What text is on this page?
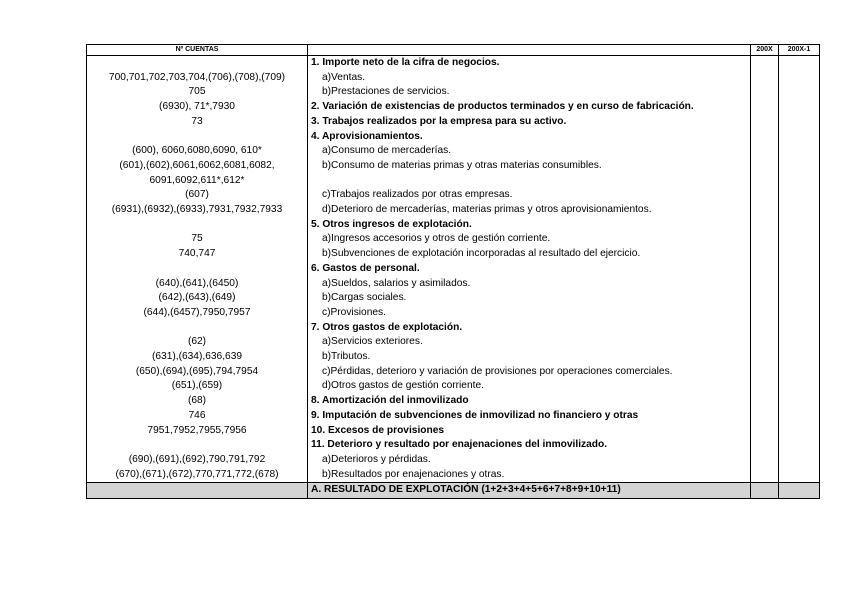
Nº CUENTAS		200X	200X-1
	1. Importe neto de la cifra de negocios.		
700,701,702,703,704,(706),(708),(709)	a)Ventas.		
705	b)Prestaciones de servicios.		
(6930), 71*,7930	2. Variación de existencias de productos terminados y en curso de fabricación.		
73	3. Trabajos realizados por la empresa para su activo.		
	4. Aprovisionamientos.		
(600), 6060,6080,6090, 610*	a)Consumo de mercaderías.		
(601),(602),6061,6062,6081,6082,	b)Consumo de materias primas y otras materias consumibles.		
6091,6092,611*,612*			
(607)	c)Trabajos realizados por otras empresas.		
(6931),(6932),(6933),7931,7932,7933	d)Deterioro de mercaderías, materias primas y otros aprovisionamientos.		
	5. Otros ingresos de explotación.		
75	a)Ingresos accesorios y otros de gestión corriente.		
740,747	b)Subvenciones de explotación incorporadas al resultado del ejercicio.		
	6. Gastos de personal.		
(640),(641),(6450)	a)Sueldos, salarios y asimilados.		
(642),(643),(649)	b)Cargas sociales.		
(644),(6457),7950,7957	c)Provisiones.		
	7. Otros gastos de explotación.		
(62)	a)Servicios exteriores.		
(631),(634),636,639	b)Tributos.		
(650),(694),(695),794,7954	c)Pérdidas, deterioro y variación de provisiones por operaciones comerciales.		
(651),(659)	d)Otros gastos de gestión corriente.		
(68)	8. Amortización del inmovilizado		
746	9. Imputación de subvenciones de inmovilizad no financiero y otras		
7951,7952,7955,7956	10. Excesos de provisiones		
	11. Deterioro y resultado por enajenaciones del inmovilizado.		
(690),(691),(692),790,791,792	a)Deterioros y pérdidas.		
(670),(671),(672),770,771,772,(678)	b)Resultados por enajenaciones y otras.		
	A. RESULTADO DE EXPLOTACIÓN (1+2+3+4+5+6+7+8+9+10+11)		
